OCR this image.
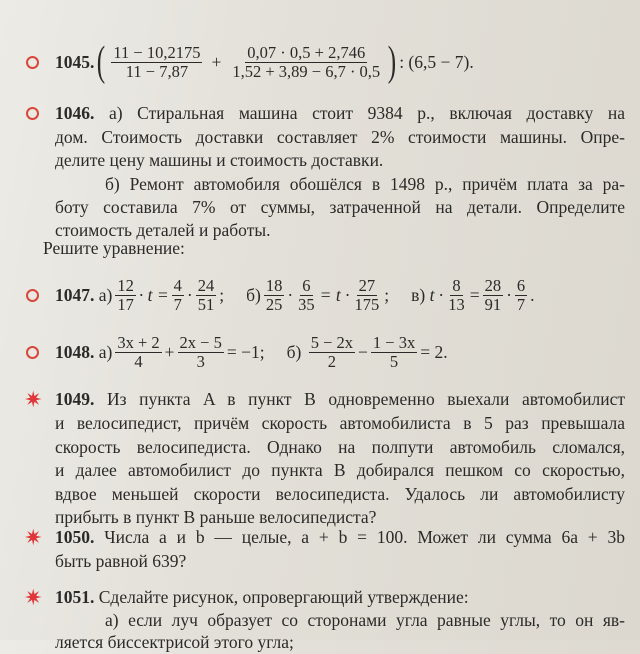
1045. ( $\frac{11 - 10,2175}{11 - 7,87} + \frac{0,07 \cdot 0,5 + 2,746}{1,52 + 3,89 - 6,7 \cdot 0,5}$ ) : (6,5 − 7).
1046. а) Стиральная машина стоит 9384 р., включая доставку на
дом. Стоимость доставки составляет 2% стоимости машины. Опре-
делите цену машины и стоимость доставки.
б) Ремонт автомобиля обошёлся в 1498 р., причём плата за ра-
боту составила 7% от суммы, затраченной на детали. Определите
стоимость деталей и работы.
Решите уравнение:
1047.
$а) \frac{12}{17} \cdot t = \frac{4}{7} \cdot \frac{24}{51}$ ; $б) \frac{18}{25} \cdot \frac{6}{35} = t \cdot \frac{27}{175}$ ; в)
$t \cdot \frac{8}{13} = \frac{28}{91} \cdot \frac{6}{7}$ .
1048.
$а) \frac{3x + 2}{4} + \frac{2x - 5}{3} = -1$; б)
$\frac{5 - 2x}{2} - \frac{1 - 3x}{5} = 2$.
✷ 1049. Из пункта A в пункт B одновременно выехали автомобилист
и велосипедист, причём скорость автомобилиста в 5 раз превышала
скорость велосипедиста. Однако на полпути автомобиль сломался,
и далее автомобилист до пункта B добирался пешком со скоростью,
вдвое меньшей скорости велосипедиста. Удалось ли автомобилисту
прибыть в пункт B раньше велосипедиста?
✷ 1050. Числа a и b — целые, a + b = 100. Может ли сумма 6a + 3b
быть равной 639?
✷ 1051. Сделайте рисунок, опровергающий утверждение:
а) если луч образует со сторонами угла равные углы, то он яв-
ляется биссектрисой этого угла;
